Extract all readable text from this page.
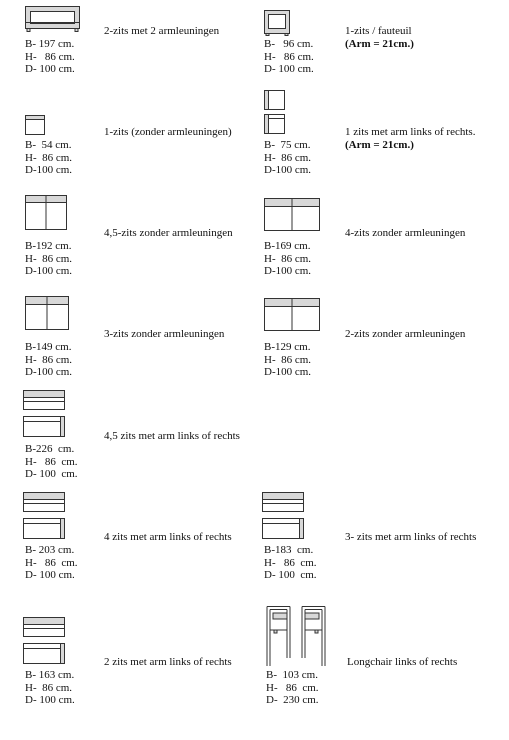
B- 197 cm.
H-   86 cm.
D- 100 cm.
2-zits met 2 armleuningen
B-   96 cm.
H-   86 cm.
D- 100 cm.
1-zits / fauteuil
(Arm = 21cm.)
B-  54 cm.
H-  86 cm.
D-100 cm.
1-zits (zonder armleuningen)
B-  75 cm.
H-  86 cm.
D-100 cm.
1 zits met arm links of rechts.
(Arm = 21cm.)
B-192 cm.
H-  86 cm.
D-100 cm.
4,5-zits zonder armleuningen
B-169 cm.
H-  86 cm.
D-100 cm.
4-zits zonder armleuningen
B-149 cm.
H-  86 cm.
D-100 cm.
3-zits zonder armleuningen
B-129 cm.
H-  86 cm.
D-100 cm.
2-zits zonder armleuningen
B-226  cm.
H-   86  cm.
D- 100  cm.
4,5 zits met arm links of rechts
B- 203 cm.
H-   86  cm.
D- 100 cm.
4 zits met arm links of rechts
B-183  cm.
H-   86  cm.
D- 100  cm.
3- zits met arm links of rechts
B- 163 cm.
H-  86 cm.
D- 100 cm.
2 zits met arm links of rechts
B-  103 cm.
H-   86  cm.
D-  230 cm.
Longchair links of rechts
